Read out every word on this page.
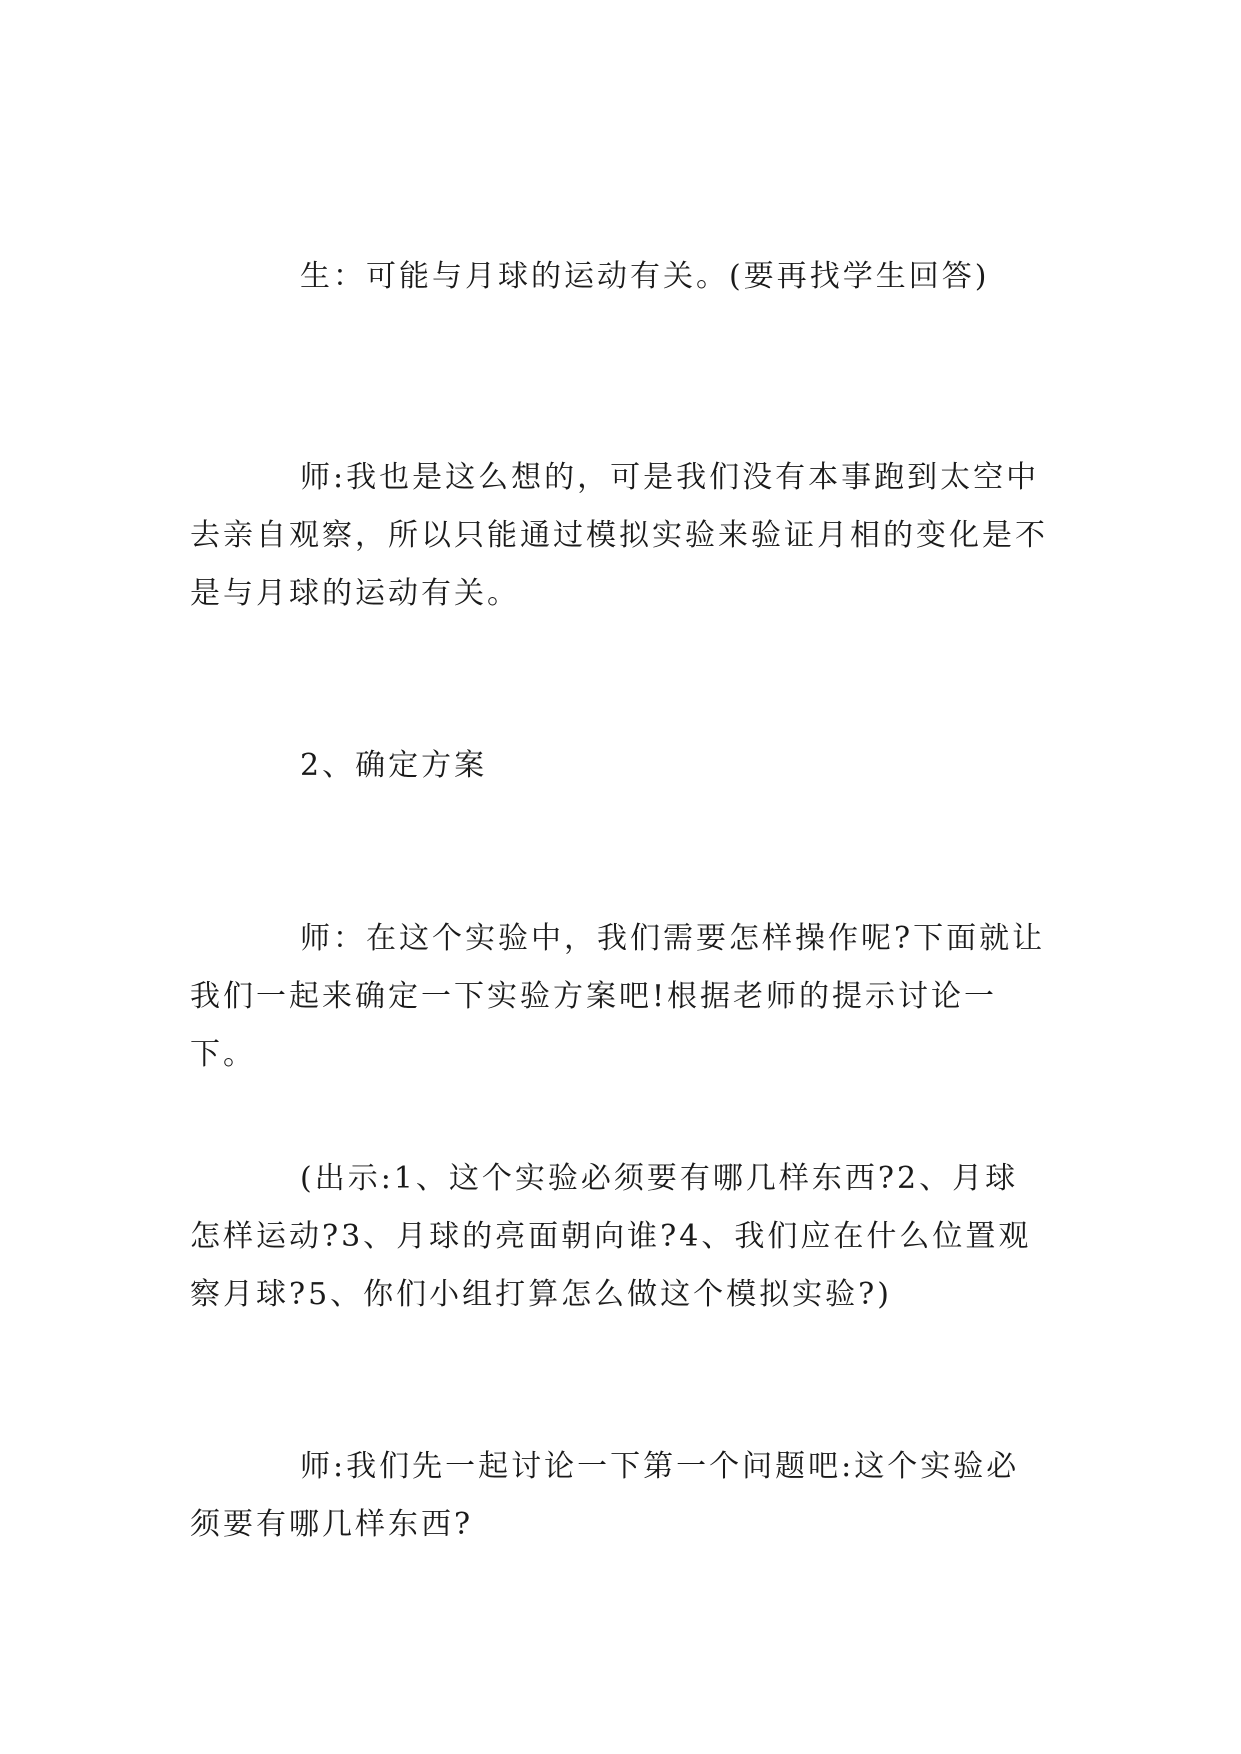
生：可能与月球的运动有关。(要再找学生回答)

师:我也是这么想的，可是我们没有本事跑到太空中去亲自观察，所以只能通过模拟实验来验证月相的变化是不是与月球的运动有关。

2、确定方案

师：在这个实验中，我们需要怎样操作呢?下面就让我们一起来确定一下实验方案吧!根据老师的提示讨论一下。

(出示:1、这个实验必须要有哪几样东西?2、月球怎样运动?3、月球的亮面朝向谁?4、我们应在什么位置观察月球?5、你们小组打算怎么做这个模拟实验?)

师:我们先一起讨论一下第一个问题吧:这个实验必须要有哪几样东西?
